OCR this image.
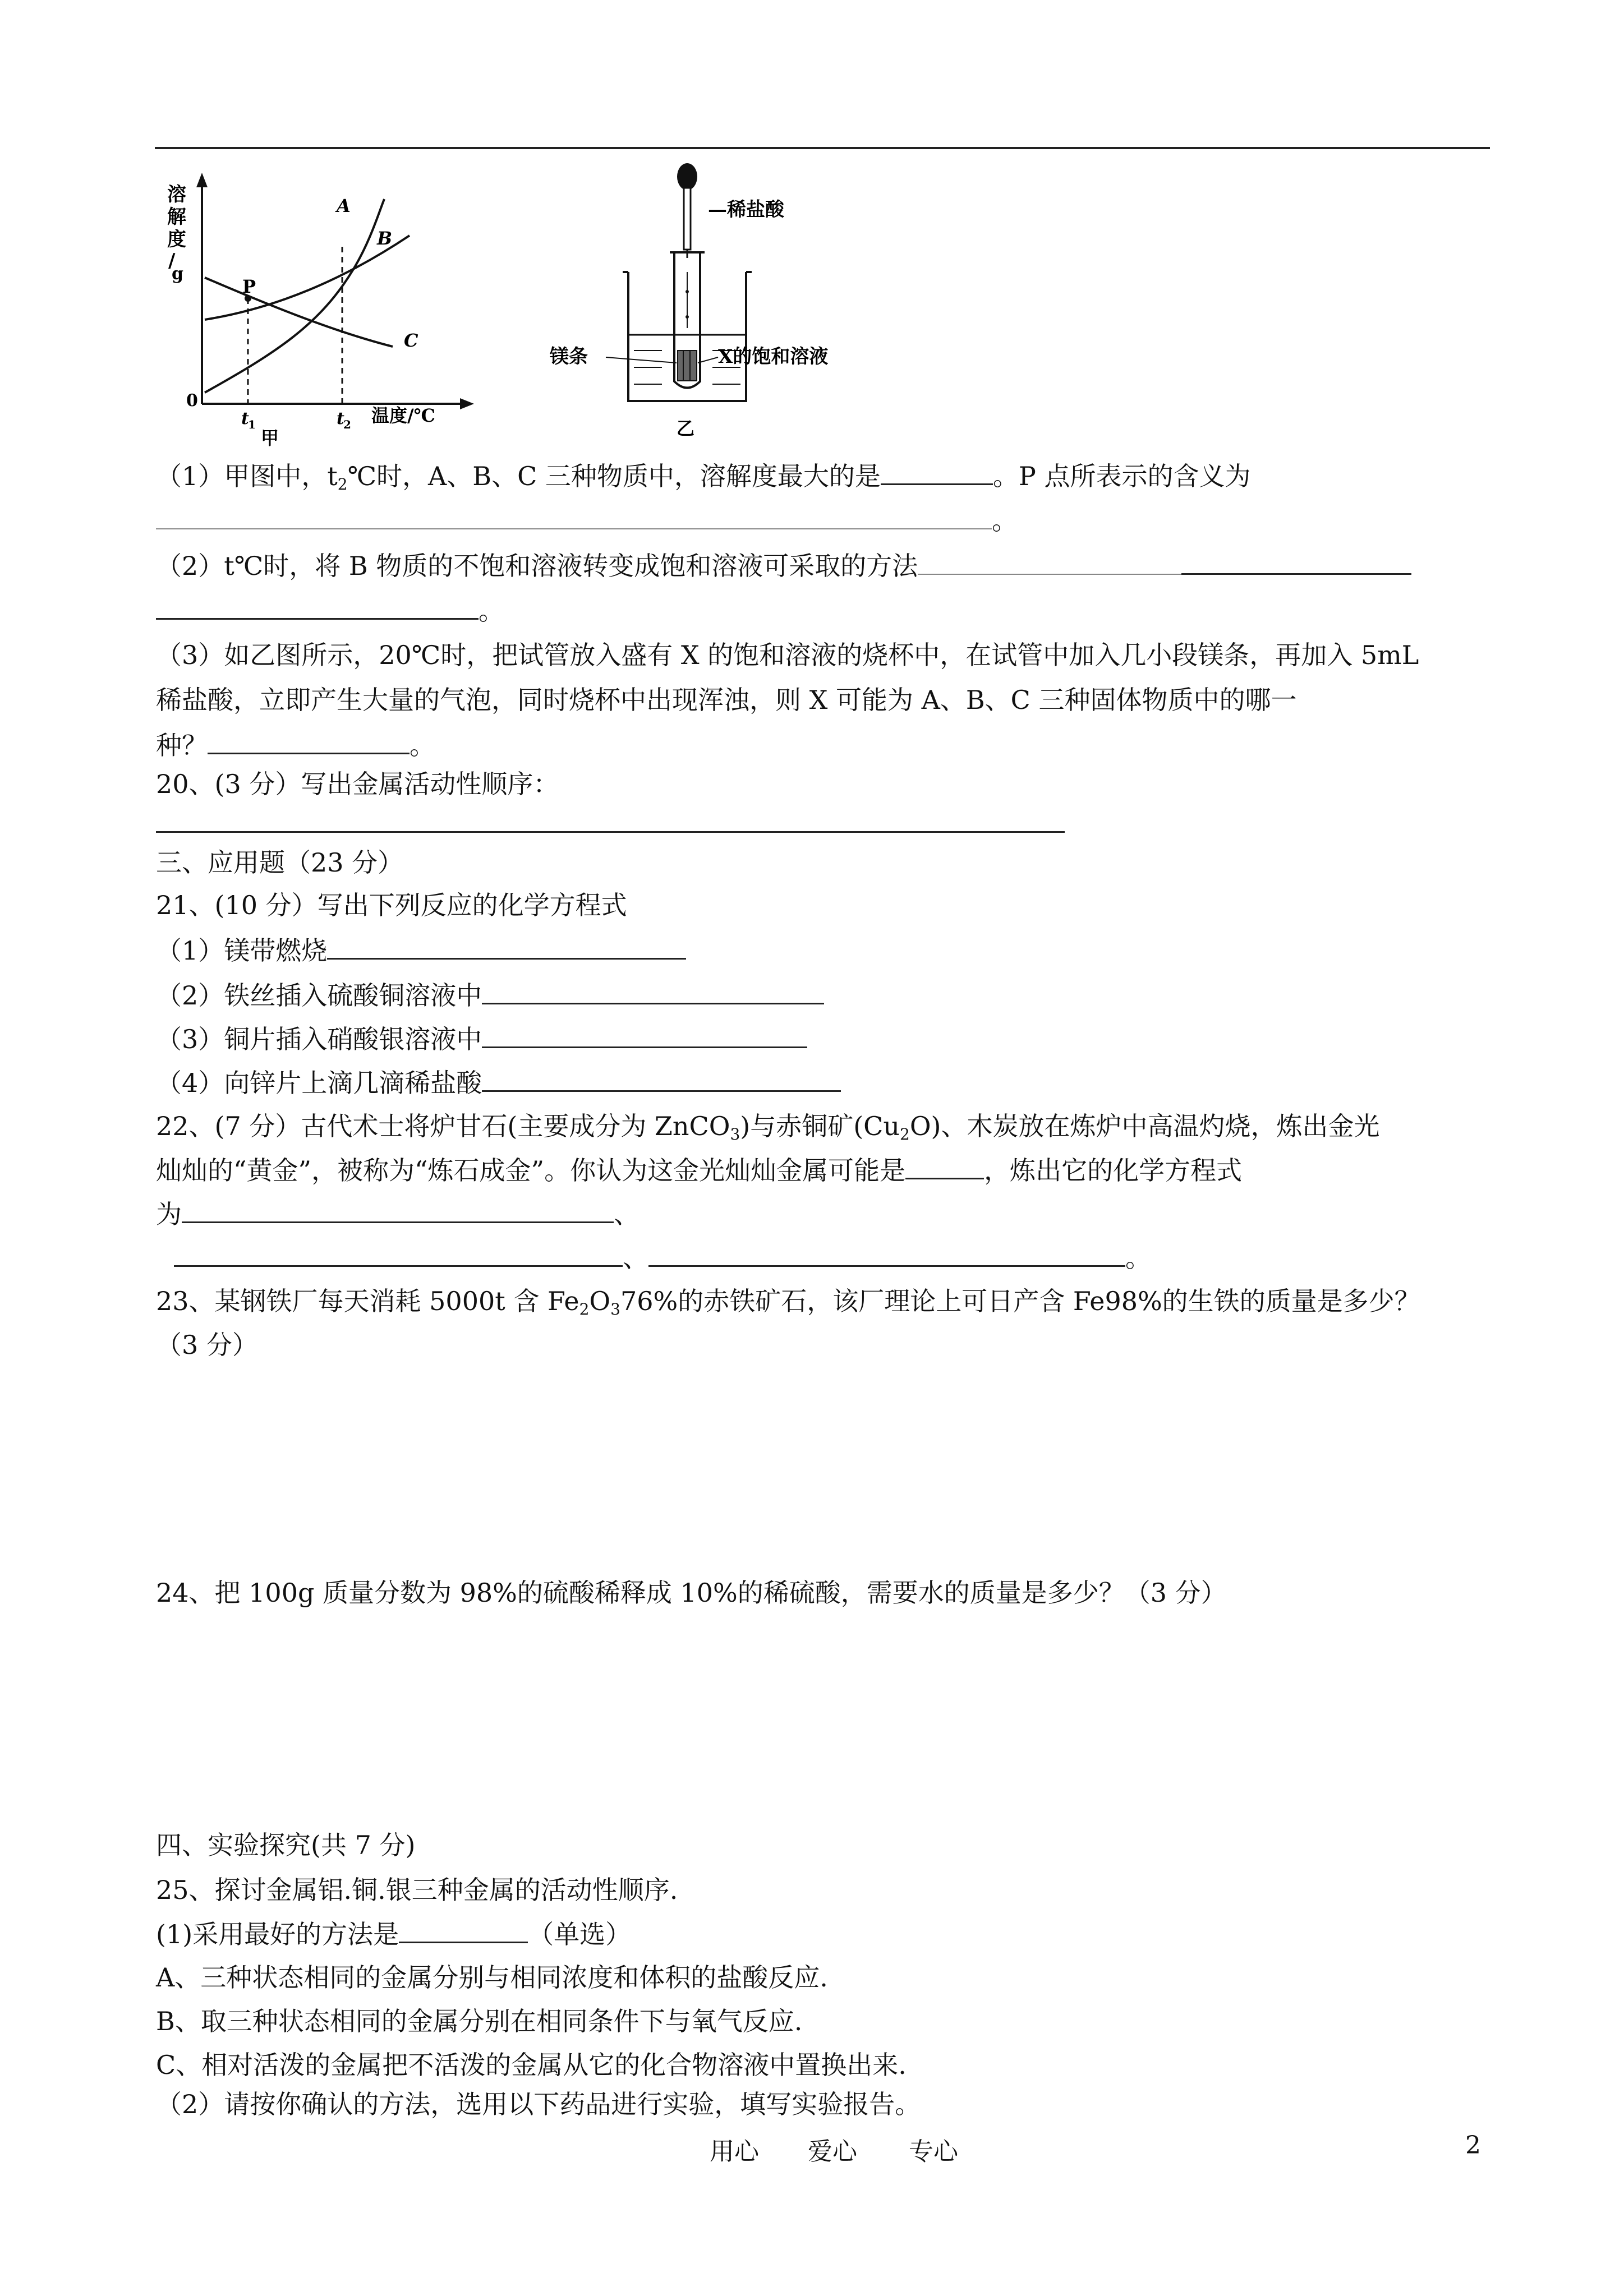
溶
解
度
∕
g
0
P
A
B
C
t
1	t
2 温度∕℃
甲
—稀盐酸
镁条	X的饱和溶液
乙
（1）甲图中，$t_2℃$时，A、B、C 三种物质中，溶解度最大的是	。P 点所表示的含义为
。
（2）t℃时，将 B 物质的不饱和溶液转变成饱和溶液可采取的方法
。
（3）如乙图所示，20℃时，把试管放入盛有 X 的饱和溶液的烧杯中，在试管中加入几小段镁条，再加入 5mL
稀盐酸，立即产生大量的气泡，同时烧杯中出现浑浊，则 X 可能为 A、B、C 三种固体物质中的哪一
种？	。
20、(3 分）写出金属活动性顺序：
三、应用题（23 分）
21、(10 分）写出下列反应的化学方程式
（1）镁带燃烧
（2）铁丝插入硫酸铜溶液中
（3）铜片插入硝酸银溶液中
（4）向锌片上滴几滴稀盐酸
22、(7 分）古代术士将炉甘石(主要成分为 ZnCO$_3$)与赤铜矿$(Cu_2O)$、木炭放在炼炉中高温灼烧，炼出金光
灿灿的“黄金”，被称为“炼石成金”。你认为这金光灿灿金属可能是	，炼出它的化学方程式
为	、
、	。
23、某钢铁厂每天消耗 5000t 含 $Fe_2O_376\%$的赤铁矿石，该厂理论上可日产含 Fe98%的生铁的质量是多少？
（3 分）
24、把 100g 质量分数为 98%的硫酸稀释成 10%的稀硫酸，需要水的质量是多少？（3 分）
四、实验探究(共 7 分)
25、探讨金属铝.铜.银三种金属的活动性顺序.
(1)采用最好的方法是	（单选）
A、三种状态相同的金属分别与相同浓度和体积的盐酸反应.
B、取三种状态相同的金属分别在相同条件下与氧气反应.
C、相对活泼的金属把不活泼的金属从它的化合物溶液中置换出来.
（2）请按你确认的方法，选用以下药品进行实验，填写实验报告。
用心 爱心 专心	2
